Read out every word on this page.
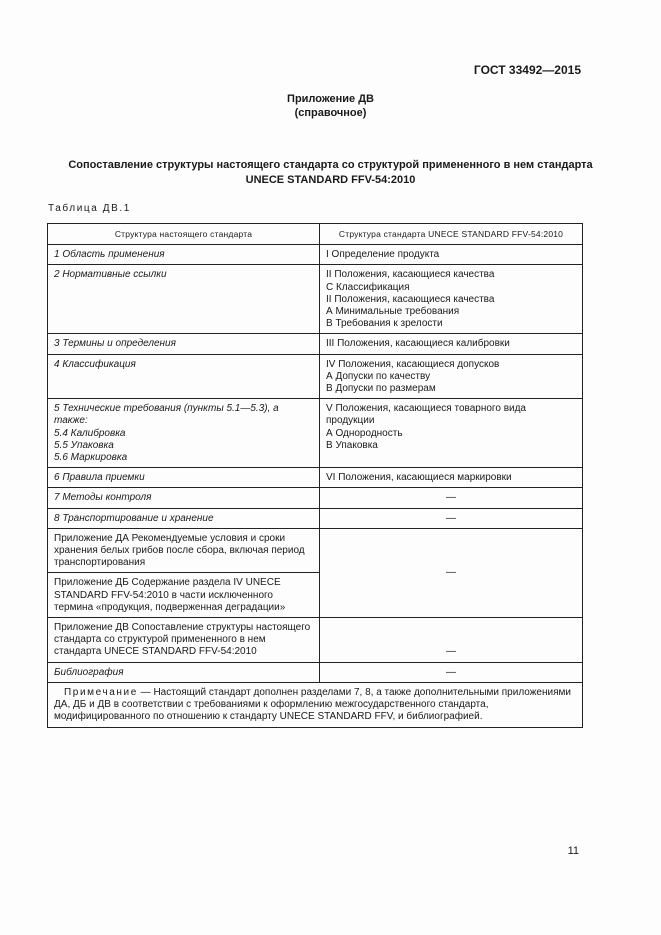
ГОСТ 33492—2015
Приложение ДВ
(справочное)
Сопоставление структуры настоящего стандарта со структурой примененного в нем стандарта
UNECE STANDARD FFV-54:2010
Таблица ДВ.1
Структура настоящего стандарта	Структура стандарта UNECE STANDARD FFV-54:2010

1 Область применения	I Определение продукта

2 Нормативные ссылки	II Положения, касающиеся качества
С Классификация
II Положения, касающиеся качества
А Минимальные требования
В Требования к зрелости

3 Термины и определения	III Положения, касающиеся калибровки

4 Классификация	IV Положения, касающиеся допусков
А Допуски по качеству
В Допуски по размерам

5 Технические требования (пункты 5.1—5.3), а также:
5.4 Калибровка
5.5 Упаковка
5.6 Маркировка	V Положения, касающиеся товарного вида продукции
А Однородность
В Упаковка

6 Правила приемки	VI Положения, касающиеся маркировки

7 Методы контроля	—

8 Транспортирование и хранение	—
Приложение ДА Рекомендуемые условия и сроки хранения белых грибов после сбора, включая период транспортирования	—
Приложение ДБ Содержание раздела IV UNECE STANDARD FFV-54:2010 в части исключенного термина «продукция, подверженная деградации»	
Приложение ДВ Сопоставление структуры настоящего стандарта со структурой примененного в нем стандарта UNECE STANDARD FFV-54:2010	—

Библиография	—
Примечание — Настоящий стандарт дополнен разделами 7, 8, а также дополнительными приложениями ДА, ДБ и ДВ в соответствии с требованиями к оформлению межгосударственного стандарта, модифицированного по отношению к стандарту UNECE STANDARD FFV, и библиографией.	
11
